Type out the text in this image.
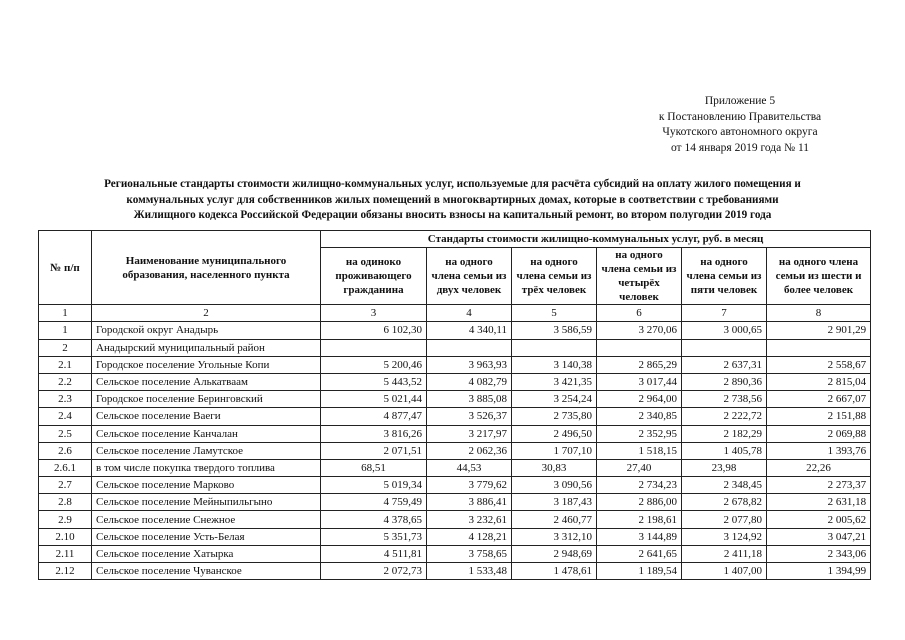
Приложение 5
к Постановлению Правительства
Чукотского автономного округа
от 14 января 2019 года № 11
Региональные стандарты стоимости жилищно-коммунальных услуг, используемые для расчёта субсидий на оплату жилого помещения и
коммунальных услуг для собственников жилых помещений в многоквартирных домах, которые в соответствии с требованиями
Жилищного кодекса Российской Федерации обязаны вносить взносы на капитальный ремонт, во втором полугодии 2019 года
№ п/п	Наименование муниципального образования, населенного пункта	Стандарты стоимости жилищно-коммунальных услуг, руб. в месяц					
		на одиноко проживающего гражданина	на одного члена семьи из двух человек	на одного члена семьи из трёх человек	на одного члена семьи из четырёх человек	на одного члена семьи из пяти человек	на одного члена семьи из шести и более человек
1	2	3	4	5	6	7	8
1	Городской округ Анадырь	6 102,30	4 340,11	3 586,59	3 270,06	3 000,65	2 901,29
2	Анадырский муниципальный район						
2.1	Городское поселение Угольные Копи	5 200,46	3 963,93	3 140,38	2 865,29	2 637,31	2 558,67
2.2	Сельское поселение Алькатваам	5 443,52	4 082,79	3 421,35	3 017,44	2 890,36	2 815,04
2.3	Городское поселение Беринговский	5 021,44	3 885,08	3 254,24	2 964,00	2 738,56	2 667,07
2.4	Сельское поселение Ваеги	4 877,47	3 526,37	2 735,80	2 340,85	2 222,72	2 151,88
2.5	Сельское поселение Канчалан	3 816,26	3 217,97	2 496,50	2 352,95	2 182,29	2 069,88
2.6	Сельское поселение Ламутское	2 071,51	2 062,36	1 707,10	1 518,15	1 405,78	1 393,76
2.6.1	в том числе покупка твердого топлива	68,51	44,53	30,83	27,40	23,98	22,26
2.7	Сельское поселение Марково	5 019,34	3 779,62	3 090,56	2 734,23	2 348,45	2 273,37
2.8	Сельское поселение Мейныпильгыно	4 759,49	3 886,41	3 187,43	2 886,00	2 678,82	2 631,18
2.9	Сельское поселение Снежное	4 378,65	3 232,61	2 460,77	2 198,61	2 077,80	2 005,62
2.10	Сельское поселение Усть-Белая	5 351,73	4 128,21	3 312,10	3 144,89	3 124,92	3 047,21
2.11	Сельское поселение Хатырка	4 511,81	3 758,65	2 948,69	2 641,65	2 411,18	2 343,06
2.12	Сельское поселение Чуванское	2 072,73	1 533,48	1 478,61	1 189,54	1 407,00	1 394,99
